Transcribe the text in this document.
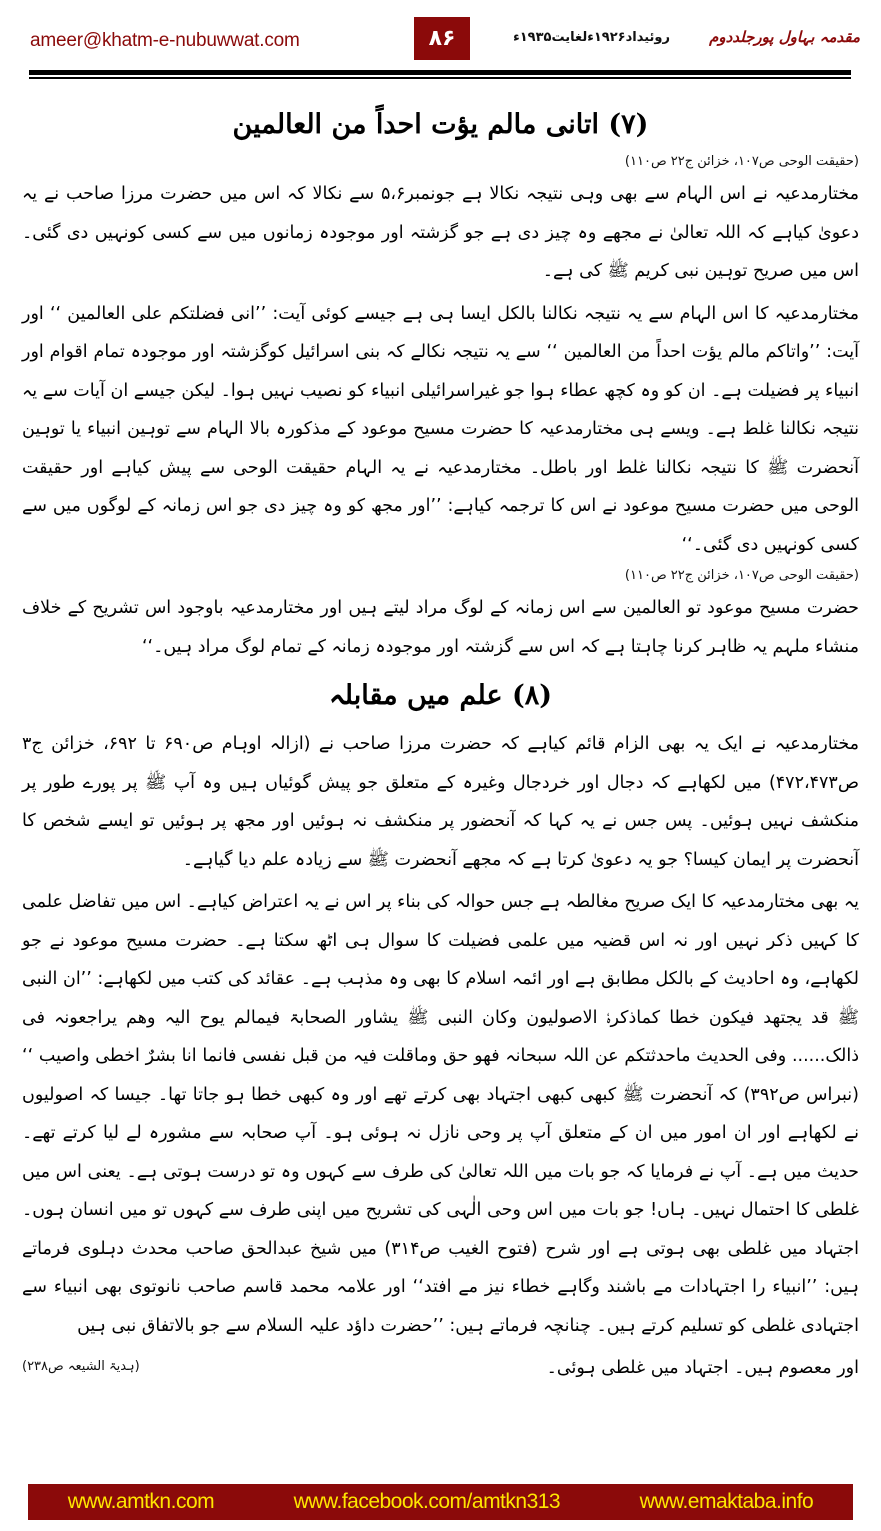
ameer@khatm-e-nubuwwat.com	۸۶	روئیداد۱۹۲۶ءلغایت۱۹۳۵ء	مقدمہ بہاول پورجلددوم
(۷) اتانی مالم یؤت احداً من العالمین
(حقیقت الوحی ص۱۰۷، خزائن ج۲۲ ص۱۱۰)

مختارمدعیہ نے اس الہام سے بھی وہی نتیجہ نکالا ہے جونمبر۵،۶ سے نکالا کہ اس میں حضرت مرزا صاحب نے یہ دعویٰ کیاہے کہ اللہ تعالیٰ نے مجھے وہ چیز دی ہے جو گزشتہ اور موجودہ زمانوں میں سے کسی کونہیں دی گئی۔ اس میں صریح توہین نبی کریم ﷺ کی ہے۔

مختارمدعیہ کا اس الہام سے یہ نتیجہ نکالنا بالکل ایسا ہی ہے جیسے کوئی آیت: ’’انی فضلتکم علی العالمین ‘‘ اور آیت: ’’واتاکم مالم یؤت احداً من العالمین ‘‘ سے یہ نتیجہ نکالے کہ بنی اسرائیل کوگزشتہ اور موجودہ تمام اقوام اور انبیاء پر فضیلت ہے۔ ان کو وہ کچھ عطاء ہوا جو غیراسرائیلی انبیاء کو نصیب نہیں ہوا۔ لیکن جیسے ان آیات سے یہ نتیجہ نکالنا غلط ہے۔ ویسے ہی مختارمدعیہ کا حضرت مسیح موعود کے مذکورہ بالا الہام سے توہین انبیاء یا توہین آنحضرت ﷺ کا نتیجہ نکالنا غلط اور باطل۔ مختارمدعیہ نے یہ الہام حقیقت الوحی سے پیش کیاہے اور حقیقت الوحی میں حضرت مسیح موعود نے اس کا ترجمہ کیاہے: ’’اور مجھ کو وہ چیز دی جو اس زمانہ کے لوگوں میں سے کسی کونہیں دی گئی۔‘‘

(حقیقت الوحی ص۱۰۷، خزائن ج۲۲ ص۱۱۰)

حضرت مسیح موعود تو العالمین سے اس زمانہ کے لوگ مراد لیتے ہیں اور مختارمدعیہ باوجود اس تشریح کے خلاف منشاء ملہم یہ ظاہر کرنا چاہتا ہے کہ اس سے گزشتہ اور موجودہ زمانہ کے تمام لوگ مراد ہیں۔‘‘

(۸) علم میں مقابلہ

مختارمدعیہ نے ایک یہ بھی الزام قائم کیاہے کہ حضرت مرزا صاحب نے (ازالہ اوہام ص۶۹۰ تا ۶۹۲، خزائن ج۳ ص۴۷۲،۴۷۳) میں لکھاہے کہ دجال اور خردجال وغیرہ کے متعلق جو پیش گوئیاں ہیں وہ آپ ﷺ پر پورے طور پر منکشف نہیں ہوئیں۔ پس جس نے یہ کہا کہ آنحضور پر منکشف نہ ہوئیں اور مجھ پر ہوئیں تو ایسے شخص کا آنحضرت پر ایمان کیسا؟ جو یہ دعویٰ کرتا ہے کہ مجھے آنحضرت ﷺ سے زیادہ علم دیا گیاہے۔

یہ بھی مختارمدعیہ کا ایک صریح مغالطہ ہے جس حوالہ کی بناء پر اس نے یہ اعتراض کیاہے۔ اس میں تفاضل علمی کا کہیں ذکر نہیں اور نہ اس قضیہ میں علمی فضیلت کا سوال ہی اٹھ سکتا ہے۔ حضرت مسیح موعود نے جو لکھاہے، وہ احادیث کے بالکل مطابق ہے اور ائمہ اسلام کا بھی وہ مذہب ہے۔ عقائد کی کتب میں لکھاہے: ’’ان النبی ﷺ قد یجتھد فیکون خطا کماذکرہٗ الاصولیون وکان النبی ﷺ یشاور الصحابۃ فیمالم یوح الیہ وھم یراجعونہ فی ذالک...... وفی الحدیث ماحدثتکم عن اللہ سبحانہ فھو حق وماقلت فیہ من قبل نفسی فانما انا بشرٌ اخطی واصیب ‘‘ (نبراس ص۳۹۲) کہ آنحضرت ﷺ کبھی کبھی اجتہاد بھی کرتے تھے اور وہ کبھی خطا ہو جاتا تھا۔ جیسا کہ اصولیوں نے لکھاہے اور ان امور میں ان کے متعلق آپ پر وحی نازل نہ ہوئی ہو۔ آپ صحابہ سے مشورہ لے لیا کرتے تھے۔ حدیث میں ہے۔ آپ نے فرمایا کہ جو بات میں اللہ تعالیٰ کی طرف سے کہوں وہ تو درست ہوتی ہے۔ یعنی اس میں غلطی کا احتمال نہیں۔ ہاں! جو بات میں اس وحی الٰہی کی تشریح میں اپنی طرف سے کہوں تو میں انسان ہوں۔ اجتہاد میں غلطی بھی ہوتی ہے اور شرح (فتوح الغیب ص۳۱۴) میں شیخ عبدالحق صاحب محدث دہلوی فرماتے ہیں: ’’انبیاء را اجتہادات مے باشند وگاہے خطاء نیز مے افتد‘‘ اور علامہ محمد قاسم صاحب نانوتوی بھی انبیاء سے اجتہادی غلطی کو تسلیم کرتے ہیں۔ چنانچہ فرماتے ہیں: ’’حضرت داؤد علیہ السلام سے جو بالاتفاق نبی ہیں

اور معصوم ہیں۔ اجتہاد میں غلطی ہوئی۔

(ہدیۃ الشیعہ ص۲۳۸)
www.amtkn.com	www.facebook.com/amtkn313	www.emaktaba.info
